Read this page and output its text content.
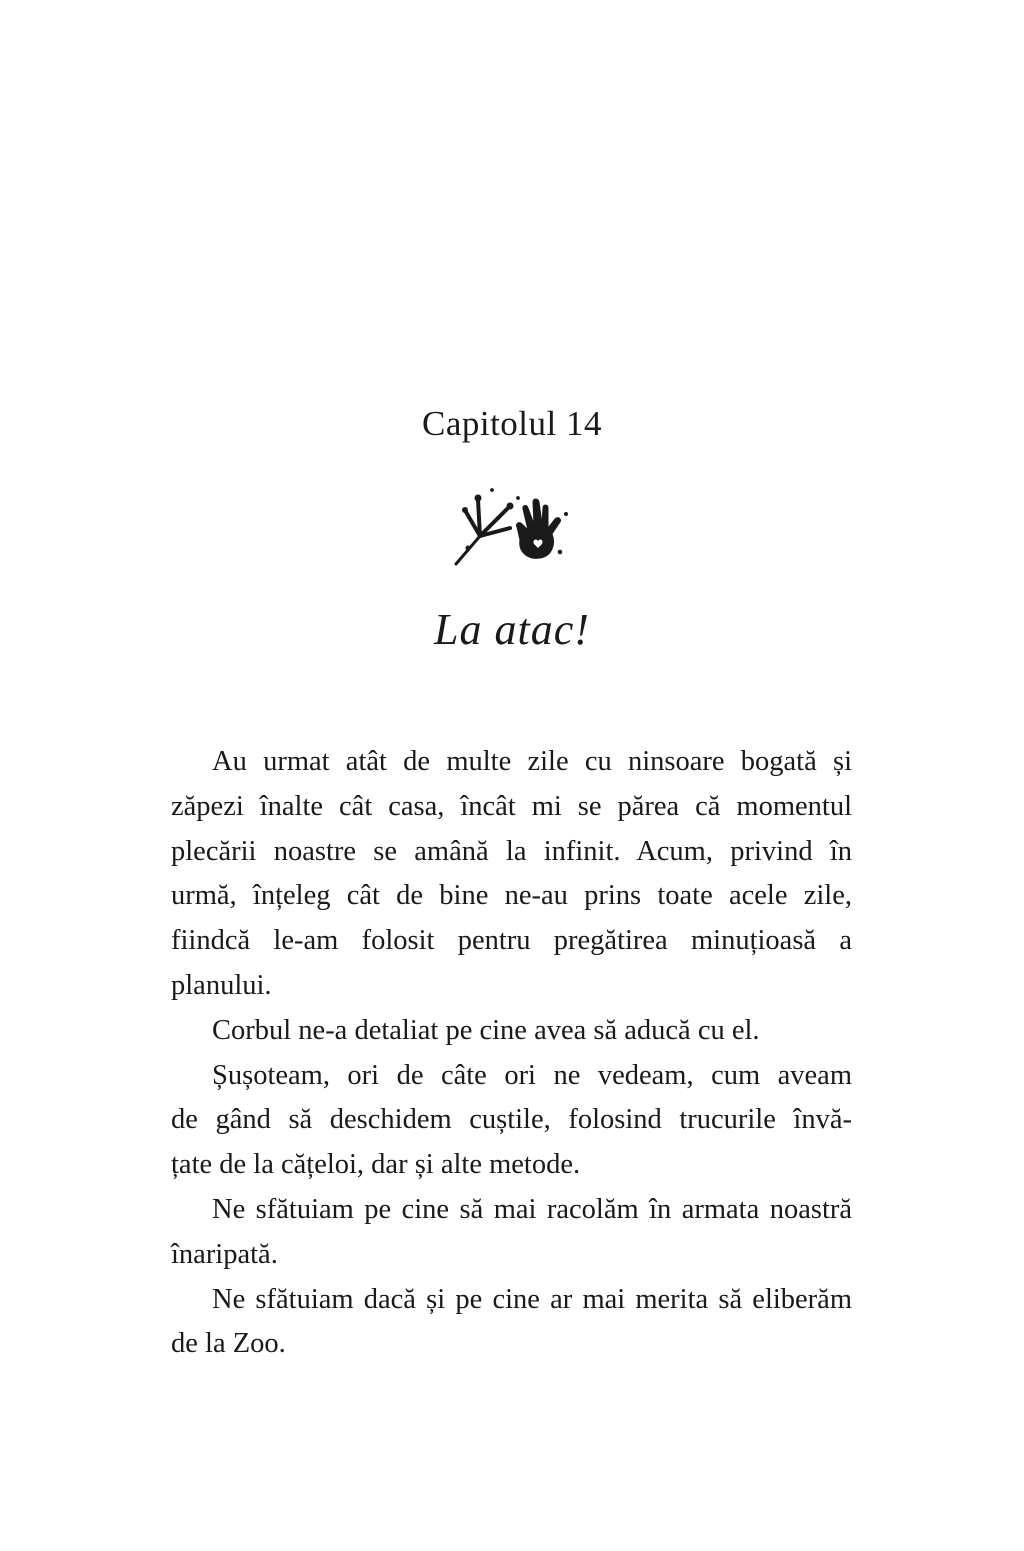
Capitolul 14
La atac!
Au urmat atât de multe zile cu ninsoare bogată și
zăpezi înalte cât casa, încât mi se părea că momentul
plecării noastre se amână la infinit. Acum, privind în
urmă, înțeleg cât de bine ne-au prins toate acele zile,
fiindcă le-am folosit pentru pregătirea minuțioasă a
planului.
Corbul ne-a detaliat pe cine avea să aducă cu el.
Șușoteam, ori de câte ori ne vedeam, cum aveam
de gând să deschidem cuștile, folosind trucurile învă-
țate de la cățeloi, dar și alte metode.
Ne sfătuiam pe cine să mai racolăm în armata noastră
înaripată.
Ne sfătuiam dacă și pe cine ar mai merita să eliberăm
de la Zoo.
